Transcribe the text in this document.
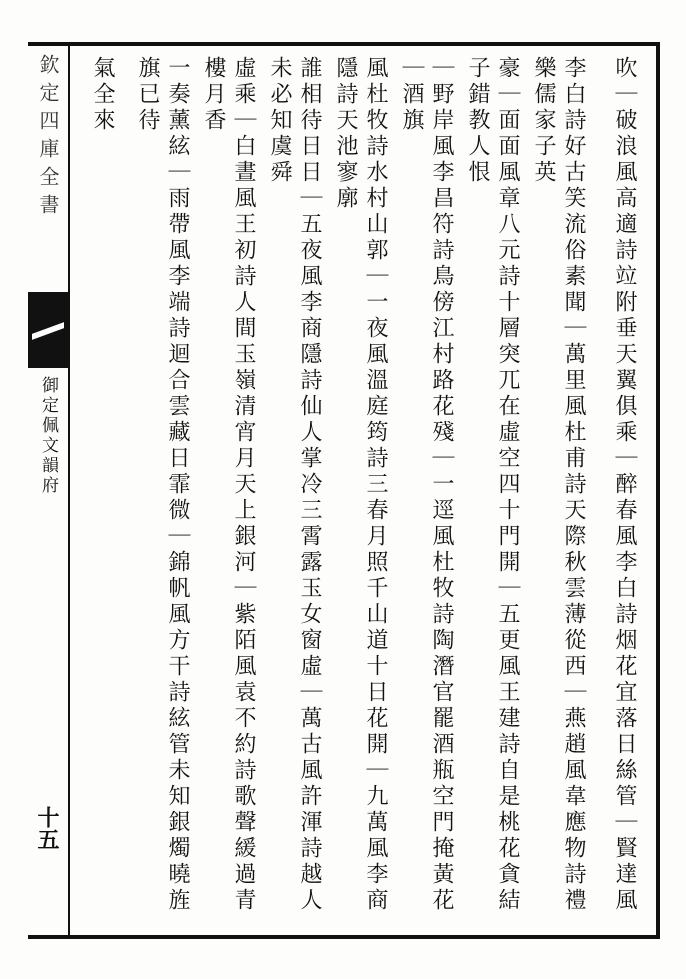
欽定四庫全書
御定佩文韻府
十五	吹｜破浪風高適詩竝附垂天翼俱乘｜醉春風李白詩烟花宜落日絲管｜賢達風
李白詩好古笑流俗素聞｜萬里風杜甫詩天際秋雲薄從西｜燕趙風韋應物詩禮樂儒家子英
豪｜面面風章八元詩十層突兀在虛空四十門開｜五更風王建詩自是桃花貪結子錯教人恨
｜野岸風李昌符詩鳥傍江村路花殘｜一逕風杜牧詩陶潛官罷酒瓶空門掩黃花｜酒旗
風杜牧詩水村山郭｜一夜風溫庭筠詩三春月照千山道十日花開｜九萬風李商隱詩天池寥廓
誰相待日日｜五夜風李商隱詩仙人掌冷三霄露玉女窗虛｜萬古風許渾詩越人未必知虞舜
虛乘｜白晝風王初詩人間玉嶺清宵月天上銀河｜紫陌風袁不約詩歌聲緩過青樓月香
一奏薰絃｜雨帶風李端詩迴合雲藏日霏微｜錦帆風方干詩絃管未知銀燭曉旌旗已待
氣全來
